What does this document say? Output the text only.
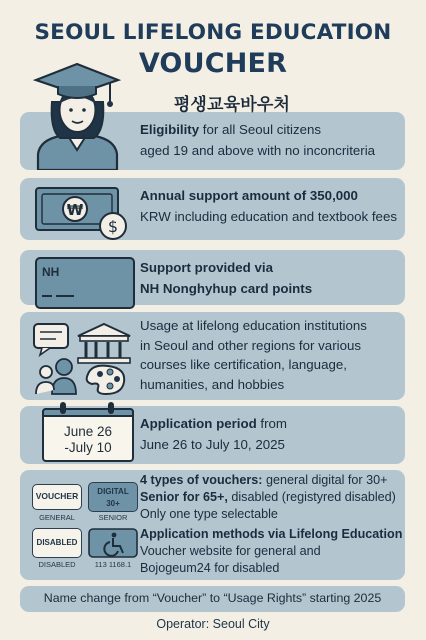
SEOUL LIFELONG EDUCATION
VOUCHER
Eligibility for all Seoul citizens
aged 19 and above with no inconcriteria
평생교육바우처
₩
$
Annual support amount of 350,000
KRW including education and textbook fees
NH	Support provided via
NH Nonghyhup card points
Usage at lifelong education institutions
in Seoul and other regions for various
courses like certification, language,
humanities, and hobbies
June 26
-July 10
Application period from
June 26 to July 10, 2025
VOUCHER
GENERAL
DIGITAL
30+
SENIOR
DISABLED
DISABLED	113 1168.1
4 types of vouchers: general digital for 30+
Senior for 65+, disabled (registyred disabled)
Only one type selectable
Application methods via Lifelong Education
Voucher website for general and
Bojogeum24 for disabled
Name change from “Voucher” to “Usage Rights” starting 2025
Operator: Seoul City
